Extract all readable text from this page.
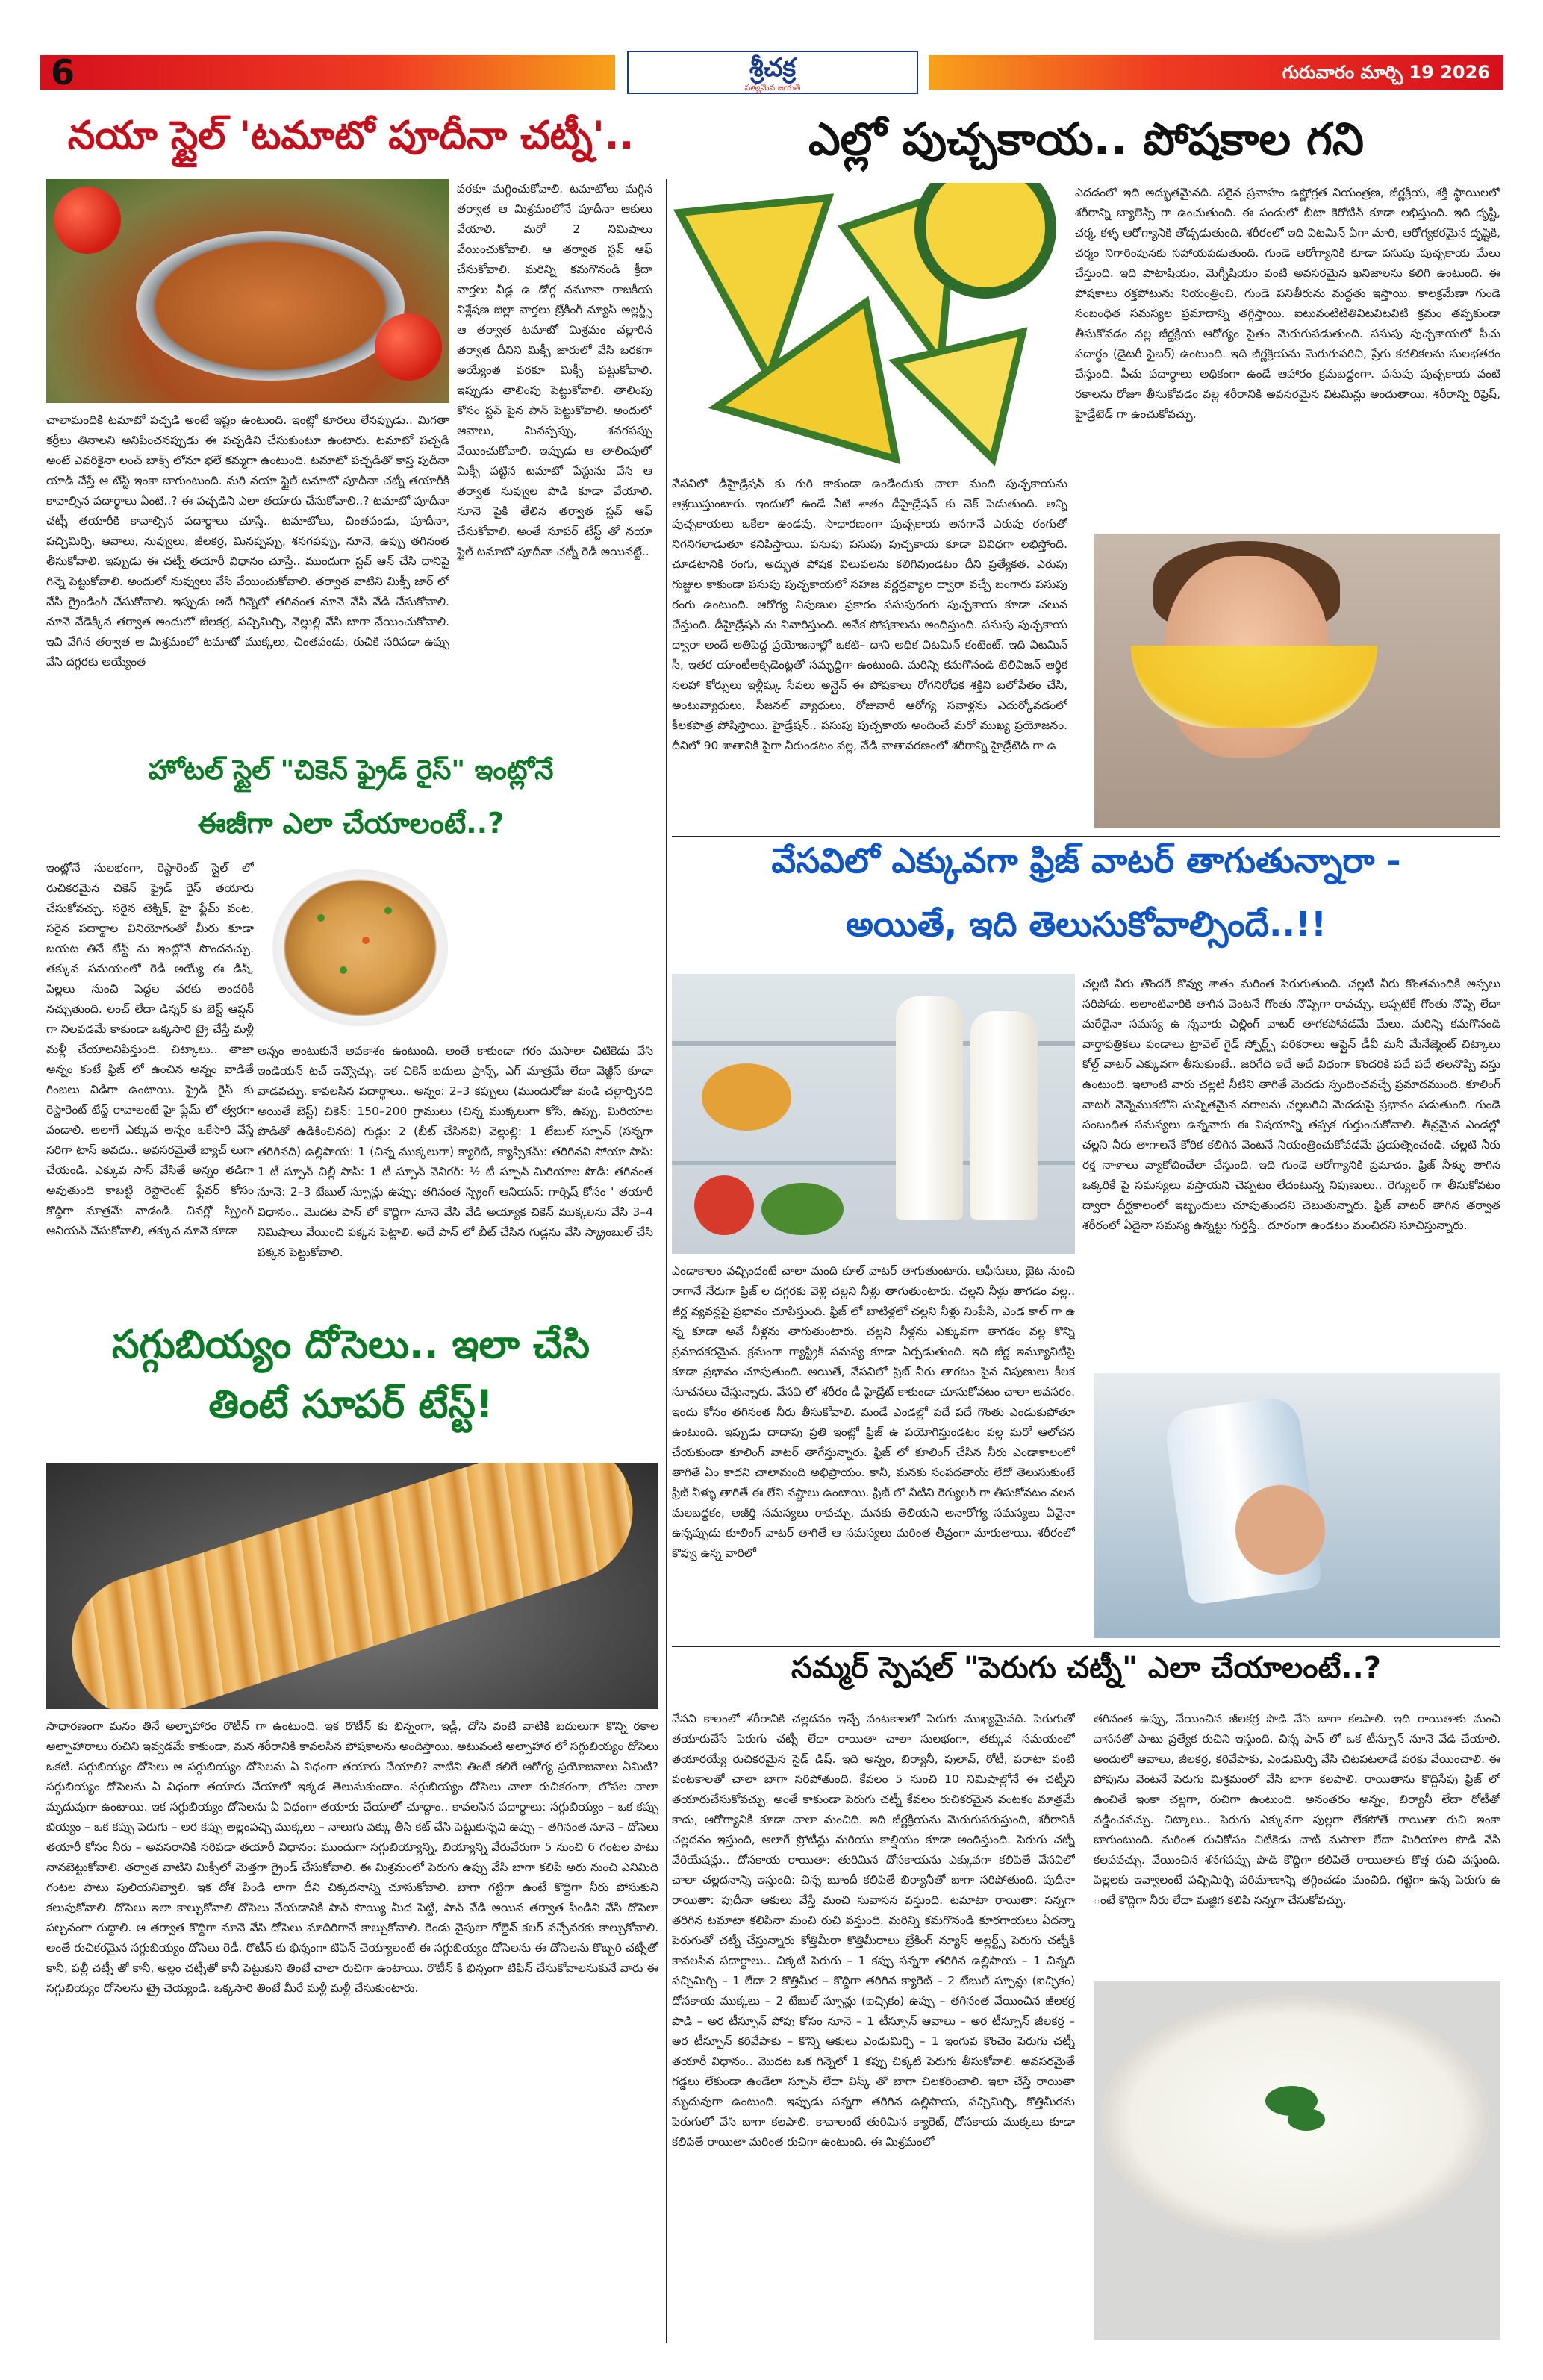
6	శ్రీచక్ర
సత్యమేవ జయతే
గురువారం మార్చి 19 2026
నయా స్టైల్ 'టమాటో పూదీనా చట్నీ'..
వరకూ మగ్గించుకోవాలి. టమాటోలు మగ్గిన తర్వాత ఆ మిశ్రమంలోనే పూదీనా ఆకులు వేయాలి. మరో 2 నిమిషాలు వేయించుకోవాలి. ఆ తర్వాత స్టవ్ ఆఫ్ చేసుకోవాలి. మరిన్ని కమగొనండి క్రీదా వార్తలు వీడ్ల ఉ డోగ్గ నమూనా రాజకీయ విశ్లేషణ జిల్లా వార్తలు బ్రేకింగ్ న్యూస్ అల్లర్ట్స్ ఆ తర్వాత టమాటో మిశ్రమం చల్లారిన తర్వాత దీనిని మిక్సీ జారులో వేసి బరకగా అయ్యేంత వరకూ మిక్సీ పట్టుకోవాలి. ఇప్పుడు తాలింపు పెట్టుకోవాలి. తాలింపు కోసం స్టవ్ పైన పాన్ పెట్టుకోవాలి. అందులో ఆవాలు, మినప్పప్పు, శనగపప్పు వేయించుకోవాలి. ఇప్పుడు ఆ తాలింపులో మిక్సీ పట్టిన టమాటో పేస్టును వేసి ఆ తర్వాత నువ్వుల పొడి కూడా వేయాలి. నూనె పైకి తేలిన తర్వాత స్టవ్ ఆఫ్ చేసుకోవాలి. అంతే సూపర్ టేస్ట్ తో నయా స్టైల్ టమాటో పూదీనా చట్నీ రెడీ అయినట్టే..
చాలామందికి టమాటో పచ్చడి అంటే ఇష్టం ఉంటుంది. ఇంట్లో కూరలు లేనప్పుడు.. మిగతా కర్రీలు తినాలని అనిపించనప్పుడు ఈ పచ్చడిని చేసుకుంటూ ఉంటారు. టమాటో పచ్చడి అంటే ఎవరికైనా లంచ్ బాక్స్ లోనూ భలే కమ్మగా ఉంటుంది. టమాటో పచ్చడితో కాస్త పుదీనా యాడ్ చేస్తే ఆ టేస్ట్ ఇంకా బాగుంటుంది. మరి నయా స్టైల్ టమాటో పూదీనా చట్నీ తయారీకి కావాల్సిన పదార్థాలు ఏంటి..? ఈ పచ్చడిని ఎలా తయారు చేసుకోవాలి..? టమాటో పూదీనా చట్నీ తయారీకి కావాల్సిన పదార్థాలు చూస్తే.. టమాటోలు, చింతపండు, పూదీనా, పచ్చిమిర్చి, ఆవాలు, నువ్వులు, జీలకర్ర, మినప్పప్పు, శనగపప్పు, నూనె, ఉప్పు తగినంత తీసుకోవాలి. ఇప్పుడు ఈ చట్నీ తయారీ విధానం చూస్తే.. ముందుగా స్టవ్ ఆన్ చేసి దానిపై గిన్నె పెట్టుకోవాలి. అందులో నువ్వులు వేసి వేయించుకోవాలి. తర్వాత వాటిని మిక్సీ జార్ లో వేసి గ్రైండింగ్ చేసుకోవాలి. ఇప్పుడు అదే గిన్నెలో తగినంత నూనె వేసి వేడి చేసుకోవాలి. నూనె వేడెక్కిన తర్వాత అందులో జీలకర్ర, పచ్చిమిర్చి, వెల్లుల్లి వేసి బాగా వేయించుకోవాలి. ఇవి వేగిన తర్వాత ఆ మిశ్రమంలో టమాటో ముక్కలు, చింతపండు, రుచికి సరిపడా ఉప్పు వేసి దగ్గరకు అయ్యేంత
హోటల్ స్టైల్ "చికెన్ ఫ్రైడ్ రైస్" ఇంట్లోనే
ఈజీగా ఎలా చేయాలంటే..?
ఇంట్లోనే సులభంగా, రెస్టారెంట్ స్టైల్ లో రుచికరమైన చికెన్ ఫ్రైడ్ రైస్ తయారు చేసుకోవచ్చు. సరైన టెక్నిక్, హై ఫ్లేమ్ వంట, సరైన పదార్థాల వినియోగంతో మీరు కూడా బయట తినే టేస్ట్ ను ఇంట్లోనే పొందవచ్చు. తక్కువ సమయంలో రెడీ అయ్యే ఈ డిష్, పిల్లలు నుంచి పెద్దల వరకు అందరికీ నచ్చుతుంది. లంచ్ లేదా డిన్నర్ కు బెస్ట్ ఆప్షన్ గా నిలవడమే కాకుండా ఒక్కసారి ట్రై చేస్తే మళ్లీ మళ్లీ చేయాలనిపిస్తుంది. చిట్కాలు.. తాజా అన్నం కంటే ఫ్రిజ్ లో ఉంచిన అన్నం వాడితే గింజలు విడిగా ఉంటాయి. ఫ్రైడ్ రైస్ కు రెస్టారెంట్ టేస్ట్ రావాలంటే హై ఫ్లేమ్ లో త్వరగా వండాలి. అలాగే ఎక్కువ అన్నం ఒకేసారి వేస్తే సరిగా టాస్ అవదు.. అవసరమైతే బ్యాచ్ లుగా చేయండి. ఎక్కువ సాస్ వేసితే అన్నం తడిగా అవుతుంది కాబట్టి రెస్టారెంట్ ఫ్లేవర్ కోసం కొద్దిగా మాత్రమే వాడండి. చివర్లో స్ప్రింగ్ ఆనియన్ చేసుకోవాలి, తక్కువ నూనె కూడా
అన్నం అంటుకునే అవకాశం ఉంటుంది. అంతే కాకుండా గరం మసాలా చిటికెడు వేసి ఇండియన్ టచ్ ఇవ్వొచ్చు. ఇక చికెన్ బదులు ప్రాన్స్, ఎగ్ మాత్రమే లేదా వెజ్జీస్ కూడా వాడవచ్చు. కావలసిన పదార్థాలు.. అన్నం: 2–3 కప్పులు (ముందురోజు వండి చల్లార్చినది అయితే బెస్ట్) చికెన్: 150–200 గ్రాములు (చిన్న ముక్కలుగా కోసి, ఉప్పు, మిరియాల పొడితో ఉడికించినది) గుడ్లు: 2 (బీట్ చేసినవి) వెల్లుల్లి: 1 టేబుల్ స్పూన్ (సన్నగా తరిగినది) ఉల్లిపాయ: 1 (చిన్న ముక్కలుగా) క్యారెట్, క్యాప్సికమ్: తరిగినవి సోయా సాస్: 1 టీ స్పూన్ చిల్లీ సాస్: 1 టీ స్పూన్ వెనిగర్: ½ టీ స్పూన్ మిరియాల పొడి: తగినంత నూనె: 2–3 టేబుల్ స్పూన్లు ఉప్పు: తగినంత స్ప్రింగ్ ఆనియన్: గార్నిష్ కోసం ' తయారీ విధానం.. మొదట పాన్ లో కొద్దిగా నూనె వేసి వేడి అయ్యాక చికెన్ ముక్కలను వేసి 3–4 నిమిషాలు వేయించి పక్కన పెట్టాలి. అదే పాన్ లో బీట్ చేసిన గుడ్లను వేసి స్క్రాంబుల్ చేసి పక్కన పెట్టుకోవాలి.
సగ్గుబియ్యం దోసెలు.. ఇలా చేసి
తింటే సూపర్ టేస్ట్!
సాధారణంగా మనం తినే అల్పాహారం రొటీన్ గా ఉంటుంది. ఇక రొటీన్ కు భిన్నంగా, ఇడ్లీ, దోసె వంటి వాటికి బదులుగా కొన్ని రకాల అల్పాహారాలు రుచిని ఇవ్వడమే కాకుండా, మన శరీరానికి కావలసిన పోషకాలను అందిస్తాయి. అటువంటి అల్పాహార లో సగ్గుబియ్యం దోసెలు ఒకటి. సగ్గుబియ్యం దోసెలు ఆ సగ్గుబియ్యం దోసెలను ఏ విధంగా తయారు చేయాలి? వాటిని తింటే కలిగే ఆరోగ్య ప్రయోజనాలు ఏమిటి? సగ్గుబియ్యం దోసెలను ఏ విధంగా తయారు చేయాలో ఇక్కడ తెలుసుకుందాం. సగ్గుబియ్యం దోసెలు చాలా రుచికరంగా, లోపల చాలా మృదువుగా ఉంటాయి. ఇక సగ్గుబియ్యం దోసెలను ఏ విధంగా తయారు చేయాలో చూద్దాం.. కావలసిన పదార్థాలు: సగ్గుబియ్యం – ఒక కప్పు బియ్యం – ఒక కప్పు పెరుగు – అర కప్పు అల్లంపచ్చి ముక్కలు – నాలుగు వక్కు తీసి కట్ చేసి పెట్టుకున్నవి ఉప్పు – తగినంత నూనె – దోసెలు తయారీ కోసం నీరు – అవసరానికి సరిపడా తయారీ విధానం: ముందుగా సగ్గుబియ్యాన్ని, బియ్యాన్ని వేరువేరుగా 5 నుంచి 6 గంటల పాటు నానబెట్టుకోవాలి. తర్వాత వాటిని మిక్సీలో మెత్తగా గ్రైండ్ చేసుకోవాలి. ఈ మిశ్రమంలో పెరుగు ఉప్పు వేసి బాగా కలిపి అరు నుంచి ఎనిమిది గంటల పాటు పులియనివ్వాలి. ఇక దోశ పిండి లాగా దీని చిక్కదనాన్ని చూసుకోవాలి. బాగా గట్టిగా ఉంటే కొద్దిగా నీరు పోసుకుని కలుపుకోవాలి. దోసెలు ఇలా కాల్చుకోవాలి దోసెలు వేయడానికి పాన్ పొయ్యి మీద పెట్టి, పాన్ వేడి అయిన తర్వాత పిండిని వేసి దోసెలా పల్చనంగా రుద్దాలి. ఆ తర్వాత కొద్దిగా నూనె వేసి దోసెలు మాదిరిగానే కాల్చుకోవాలి. రెండు వైపులా గోల్డెన్ కలర్ వచ్చేవరకు కాల్చుకోవాలి. అంతే రుచికరమైన సగ్గుబియ్యం దోసెలు రెడీ. రొటీన్ కు భిన్నంగా టిఫిన్ చెయ్యాలంటే ఈ సగ్గుబియ్యం దోసెలను ఈ దోసెలను కొబ్బరి చట్నీతో కానీ, పల్లీ చట్నీ తో కానీ, అల్లం చట్నీతో కానీ పెట్టుకుని తింటే చాలా రుచిగా ఉంటాయి. రొటీన్ కి భిన్నంగా టిఫిన్ చేసుకోవాలనుకునే వారు ఈ సగ్గుబియ్యం దోసెలను ట్రై చెయ్యండి. ఒక్కసారి తింటే మీరే మళ్లీ మళ్లీ చేసుకుంటారు.
ఎల్లో పుచ్చకాయ.. పోషకాల గని
వేసవిలో డీహైడ్రేషన్ కు గురి కాకుండా ఉండేందుకు చాలా మంది పుచ్చకాయను ఆశ్రయిస్తుంటారు. ఇందులో ఉండే నీటి శాతం డీహైడ్రేషన్ కు చెక్ పెడుతుంది. అన్ని పుచ్చకాయలు ఒకేలా ఉండవు. సాధారణంగా పుచ్చకాయ అనగానే ఎరుపు రంగుతో నిగనిగలాడుతూ కనిపిస్తాయి. పసుపు పసుపు పుచ్చకాయ కూడా వివిధగా లభిస్తోంది. చూడటానికి రంగు, అద్భుత పోషక విలువలను కలిగివుండటం దీని ప్రత్యేకత. ఎరుపు గుజ్జుల కాకుండా పసుపు పుచ్చకాయలో సహజ వర్ణద్రవ్యాల ద్వారా వచ్చే బంగారు పసుపు రంగు ఉంటుంది. ఆరోగ్య నిపుణుల ప్రకారం పసుపురంగు పుచ్చకాయ కూడా చలువ చేస్తుంది. డీహైడ్రేషన్ ను నివారిస్తుంది. అనేక పోషకాలను అందిస్తుంది. పసుపు పుచ్చకాయ ద్వారా అందే అతిపెద్ద ప్రయోజనాల్లో ఒకటి– దాని అధిక విటమిన్ కంటెంట్. ఇది విటమిన్ సీ, ఇతర యాంటీఆక్సిడెంట్లతో సమృద్ధిగా ఉంటుంది. మరిన్ని కమగొనండి టెలివిజన్ ఆర్థిక సలహా కోర్సులు ఇళ్లీష్కు సేవలు అన్లైన్ ఈ పోషకాలు రోగనిరోధక శక్తిని బలోపేతం చేసి, అంటువ్యాధులు, సీజనల్ వ్యాధులు, రోజువారీ ఆరోగ్య సవాళ్లను ఎదుర్కోవడంలో కీలకపాత్ర పోషిస్తాయి. హైడ్రేషన్.. పసుపు పుచ్చకాయ అందించే మరో ముఖ్య ప్రయోజనం. దీనిలో 90 శాతానికి పైగా నీరుండటం వల్ల, వేడి వాతావరణంలో శరీరాన్ని హైడ్రేటెడ్ గా ఉ
ఎదడంలో ఇది అద్భుతమైనది. సరైన ప్రవాహం ఉష్ణోగ్రత నియంత్రణ, జీర్ణక్రియ, శక్తి స్థాయిలలో శరీరాన్ని బ్యాలెన్స్ గా ఉంచుతుంది. ఈ పండులో బీటా కెరోటిన్ కూడా లభిస్తుంది. ఇది దృష్టి, చర్మ, కళ్ళ ఆరోగ్యానికి తోడ్పడుతుంది. శరీరంలో ఇది విటమిన్ ఏగా మారి, ఆరోగ్యకరమైన దృష్టికి, చర్మం నిగారింపునకు సహాయపడుతుంది. గుండె ఆరోగ్యానికి కూడా పసుపు పుచ్చకాయ మేలు చేస్తుంది. ఇది పొటాషియం, మెగ్నీషియం వంటి అవసరమైన ఖనిజాలను కలిగి ఉంటుంది. ఈ పోషకాలు రక్తపోటును నియంత్రించి, గుండె పనితీరును మద్దతు ఇస్తాయి. కాలక్రమేణా గుండె సంబంధిత సమస్యల ప్రమాదాన్ని తగ్గిస్తాయి. ఐటువంటిటితివిటవిటవిటి క్రమం తప్పకుండా తీసుకోవడం వల్ల జీర్ణక్రియ ఆరోగ్యం సైతం మెరుగుపడుతుంది. పసుపు పుచ్చకాయలో పీచు పదార్థం (డైటరీ ఫైబర్) ఉంటుంది. ఇది జీర్ణక్రియను మెరుగుపరిచి, ప్రేగు కదలికలను సులభతరం చేస్తుంది. పీచు పదార్థాలు అధికంగా ఉండే ఆహారం క్రమబద్ధంగా. పసుపు పుచ్చకాయ వంటి రకాలను రోజూ తీసుకోవడం వల్ల శరీరానికి అవసరమైన విటమిన్లు అందుతాయి. శరీరాన్ని రిఫ్రెష్, హైడ్రేటెడ్ గా ఉంచుకోవచ్చు.
వేసవిలో ఎక్కువగా ఫ్రిజ్ వాటర్ తాగుతున్నారా -
అయితే, ఇది తెలుసుకోవాల్సిందే..!!
చల్లటి నీరు తొందరే కొవ్వు శాతం మరింత పెరుగుతుంది. చల్లటి నీరు కొంతమందికి అస్సలు సరిపోదు. అలాంటివారికి తాగిన వెంటనే గొంతు నొప్పిగా రావచ్చు. అప్పటికే గొంతు నొప్పి లేదా మరేదైనా సమస్య ఉ న్నవారు చిల్లింగ్ వాటర్ తాగకపోవడమే మేలు. మరిన్ని కమగొనండి వార్తాపత్రికలు పండాలు ట్రావెల్ గైడ్ స్పోర్ట్స్ పరికరాలు ఆఫ్లైన్ డీవీ మనీ మేనేజ్మెంట్ చిట్కాలు కోల్డ్ వాటర్ ఎక్కువగా తీసుకుంటే.. జరిగేది ఇదే అదే విధంగా కొందరికి పదే పదే తలనొప్పి వస్తు ఉంటుంది. ఇలాంటి వారు చల్లటి నీటిని తాగితే మెదడు స్పందించవచ్చే ప్రమాదముంది. కూలింగ్ వాటర్ వెన్నెముకలోని సున్నితమైన నరాలను చల్లబరిచి మెదడుపై ప్రభావం పడుతుంది. గుండె సంబంధిత సమస్యలు ఉన్నవారు ఈ విషయాన్ని తప్పక గుర్తుంచుకోవాలి. తీవ్రమైన ఎండల్లో చల్లని నీరు తాగాలనే కోరిక కలిగిన వెంటనే నియంత్రించుకోవడమే ప్రయత్నించండి. చల్లటి నీరు రక్త నాళాలు వ్యాకోచించేలా చేస్తుంది. ఇది గుండె ఆరోగ్యానికి ప్రమాదం. ఫ్రిజ్ నీళ్ళు తాగిన ఒక్కరికే పై సమస్యలు వస్తాయని చెప్పటం లేదంటున్న నిపుణులు.. రెగ్యులర్ గా తీసుకోవటం ద్వారా దీర్ఘకాలంలో ఇబ్బందులు చూపుతుందని చెబుతున్నారు. ఫ్రిజ్ వాటర్ తాగిన తర్వాత శరీరంలో ఏదైనా సమస్య ఉన్నట్టు గుర్తిస్తే.. దూరంగా ఉండటం మంచిదని సూచిస్తున్నారు.
ఎండాకాలం వచ్చిందంటే చాలా మంది కూల్ వాటర్ తాగుతుంటారు. ఆఫీసులు, బైట నుంచి రాగానే నేరుగా ఫ్రిజ్ ల దగ్గరకు వెళ్లి చల్లని నీళ్లు తాగుతుంటారు. చల్లని నీళ్లు తాగడం వల్ల.. జీర్ణ వ్యవస్థపై ప్రభావం చూపిస్తుంది. ఫ్రిజ్ లో బాటిళ్లలో చల్లని నీళ్లు నింపేసి, ఎండ కాల్ గా ఉ న్న కూడా అవే నీళ్లను తాగుతుంటారు. చల్లని నీళ్లను ఎక్కువగా తాగడం వల్ల కొన్ని ప్రమాదకరమైన. క్రమంగా గ్యాస్ట్రిక్ సమస్య కూడా ఏర్పడుతుంది. ఇది జీర్ణ ఇమ్యూనిటీపై కూడా ప్రభావం చూపుతుంది. అయితే, వేసవిలో ఫ్రిజ్ నీరు తాగటం పైన నిపుణులు కీలక సూచనలు చేస్తున్నారు. వేసవి లో శరీరం డీ హైడ్రేట్ కాకుండా చూసుకోవటం చాలా అవసరం. ఇందు కోసం తగినంత నీరు తీసుకోవాలి. మండే ఎండల్లో పదే పదే గొంతు ఎండుకుపోతూ ఉంటుంది. ఇప్పుడు దాదాపు ప్రతి ఇంట్లో ఫ్రిజ్ ఉ పయోగిస్తుండటం వల్ల మరో ఆలోచన చేయకుండా కూలింగ్ వాటర్ తాగేస్తున్నారు. ఫ్రిజ్ లో కూలింగ్ చేసిన నీరు ఎండాకాలంలో తాగితే ఏం కాదని చాలామంది అభిప్రాయం. కానీ, మనకు సంపదతాయ్ లేదో తెలుసుకుంటే ఫ్రిజ్ నీళ్ళు తాగితే ఈ లేని నష్టాలు ఉంటాయి. ఫ్రిజ్ లో నీటిని రెగ్యులర్ గా తీసుకోవటం వలన మలబద్ధకం, అజీర్తి సమస్యలు రావచ్చు. మనకు తెలియని అనారోగ్య సమస్యలు ఏవైనా ఉన్నప్పుడు కూలింగ్ వాటర్ తాగితే ఆ సమస్యలు మరింత తీవ్రంగా మారుతాయి. శరీరంలో కొవ్వు ఉన్న వారిలో
సమ్మర్ స్పెషల్ "పెరుగు చట్నీ" ఎలా చేయాలంటే..?
వేసవి కాలంలో శరీరానికి చల్లదనం ఇచ్చే వంటకాలలో పెరుగు ముఖ్యమైనది. పెరుగుతో తయారుచేసే పెరుగు చట్నీ లేదా రాయితా చాలా సులభంగా, తక్కువ సమయంలో తయారయ్యే రుచికరమైన సైడ్ డిష్. ఇది అన్నం, బిర్యానీ, పులావ్, రోటీ, పరాటా వంటి వంటకాలతో చాలా బాగా సరిపోతుంది. కేవలం 5 నుంచి 10 నిమిషాల్లోనే ఈ చట్నీని తయారుచేసుకోవచ్చు. అంతే కాకుండా పెరుగు చట్నీ కేవలం రుచికరమైన వంటకం మాత్రమే కాదు, ఆరోగ్యానికి కూడా చాలా మంచిది. ఇది జీర్ణక్రియను మెరుగుపరుస్తుంది, శరీరానికి చల్లదనం ఇస్తుంది, అలాగే ప్రోటీన్లు మరియు కాల్షియం కూడా అందిస్తుంది. పెరుగు చట్నీ వేరియేషన్లు.. దోసకాయ రాయితా: తురిమిన దోసకాయను ఎక్కువగా కలిపితే వేసవిలో చాలా చల్లదనాన్ని ఇస్తుంది: చిన్న బూందీ కలిపితే బిర్యానీతో బాగా సరిపోతుంది. పుదీనా రాయితా: పుదీనా ఆకులు వేస్తే మంచి సువాసన వస్తుంది. టమాటా రాయితా: సన్నగా తరిగిన టమాటా కలిపినా మంచి రుచి వస్తుంది. మరిన్ని కమగొనండి కూరగాయలు ఏదన్నా పెరుగుతో చట్నీ చేస్తున్నారు కోత్తిమీరా కొత్తిమీరాలు బ్రేకింగ్ న్యూస్ అల్లర్ట్స్ పెరుగు చట్నీకి కావలసిన పదార్థాలు.. చిక్కటి పెరుగు – 1 కప్పు సన్నగా తరిగిన ఉల్లిపాయ – 1 చిన్నది పచ్చిమిర్చి – 1 లేదా 2 కొత్తిమీర – కొద్దిగా తరిగిన క్యారెట్ – 2 టేబుల్ స్పూన్లు (ఐచ్ఛికం) దోసకాయ ముక్కలు – 2 టేబుల్ స్పూన్లు (ఐచ్ఛికం) ఉప్పు – తగినంత వేయించిన జీలకర్ర పొడి – అర టీస్పూన్ పోపు కోసం నూనె – 1 టీస్పూన్ ఆవాలు – అర టీస్పూన్ జీలకర్ర – అర టీస్పూన్ కరివేపాకు – కొన్ని ఆకులు ఎండుమిర్చి – 1 ఇంగువ కొంచెం పెరుగు చట్నీ తయారీ విధానం.. మొదట ఒక గిన్నెలో 1 కప్పు చిక్కటి పెరుగు తీసుకోవాలి. అవసరమైతే గడ్డలు లేకుండా ఉండేలా స్పూన్ లేదా విస్క్ తో బాగా చిలకరించాలి. ఇలా చేస్తే రాయితా మృదువుగా ఉంటుంది. ఇప్పుడు సన్నగా తరిగిన ఉల్లిపాయ, పచ్చిమిర్చి, కొత్తిమీరను పెరుగులో వేసి బాగా కలపాలి. కావాలంటే తురిమిన క్యారెట్, దోసకాయ ముక్కలు కూడా కలిపితే రాయితా మరింత రుచిగా ఉంటుంది. ఈ మిశ్రమంలో
తగినంత ఉప్పు, వేయించిన జీలకర్ర పొడి వేసి బాగా కలపాలి. ఇది రాయితాకు మంచి వాసనతో పాటు ప్రత్యేక రుచిని ఇస్తుంది. చిన్న పాన్ లో ఒక టీస్పూన్ నూనె వేడి చేయాలి. అందులో ఆవాలు, జీలకర్ర, కరివేపాకు, ఎండుమిర్చి వేసి చిటపటలాడే వరకు వేయించాలి. ఈ పోపును వెంటనే పెరుగు మిశ్రమంలో వేసి బాగా కలపాలి. రాయితాను కొద్దిసేపు ఫ్రిజ్ లో ఉంచితే ఇంకా చల్లగా, రుచిగా ఉంటుంది. అనంతరం అన్నం, బిర్యానీ లేదా రోటీతో వడ్డించవచ్చు. చిట్కాలు.. పెరుగు ఎక్కువగా పుల్లగా లేకపోతే రాయితా రుచి ఇంకా బాగుంటుంది. మరింత రుచికోసం చిటికెడు చాట్ మసాలా లేదా మిరియాల పొడి వేసి కలపవచ్చు. వేయించిన శనగపప్పు పొడి కొద్దిగా కలిపితే రాయితాకు కొత్త రుచి వస్తుంది. పిల్లలకు ఇవ్వాలంటే పచ్చిమిర్చి పరిమాణాన్ని తగ్గించడం మంచిది. గట్టిగా ఉన్న పెరుగు ఉ ంటే కొద్దిగా నీరు లేదా మజ్జిగ కలిపి సన్నగా చేసుకోవచ్చు.
